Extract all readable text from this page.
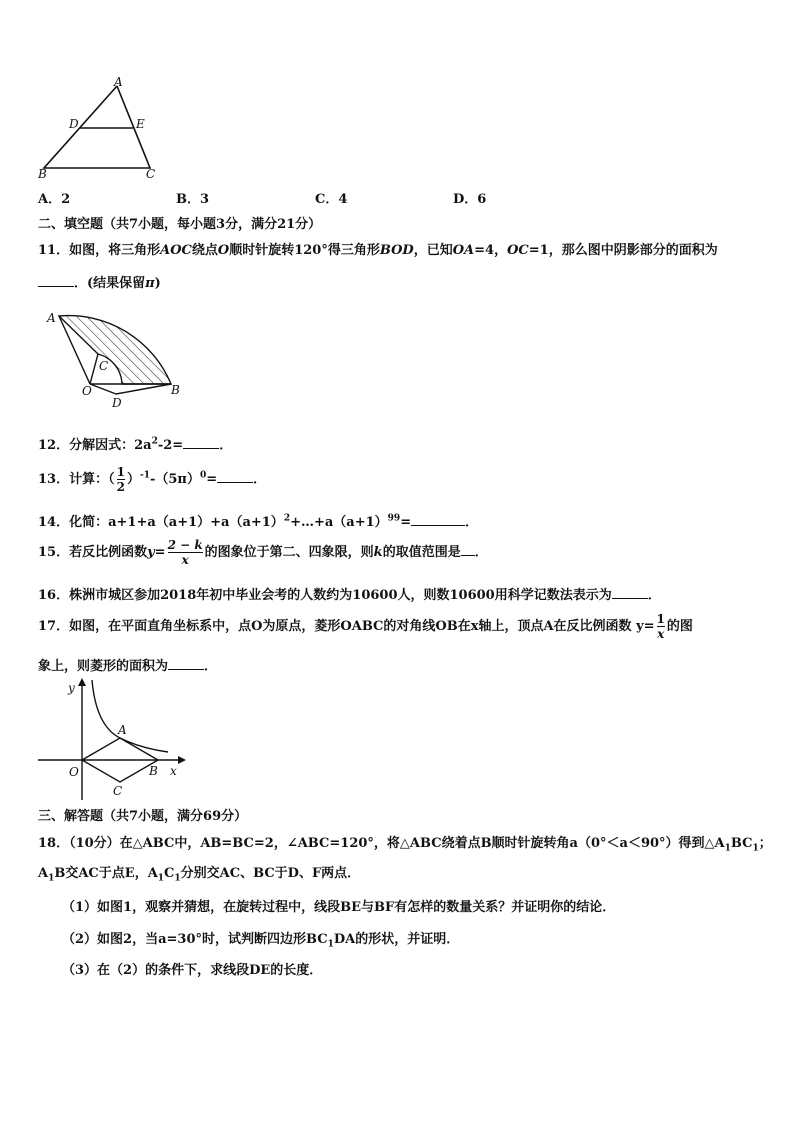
A
D	E
B	C
A．2	B．3	C．4	D．6
二、填空题（共7小题，每小题3分，满分21分）
11．如图，将三角形AOC绕点O顺时针旋转120°得三角形BOD，已知OA=4，OC=1，那么图中阴影部分的面积为
．(结果保留π)
A
C
O
D
B
12．分解因式：$2a^2-2=$	．
13．计算：（ $\frac{1}{2} )^{-1}-(5\pi)^0=$	．
14．化简：$a+1+a(a+1)+a(a+1)^2+\dots+a(a+1)^{99}=$	．
15．若反比例函数$y= \frac{2 - k}{x}$ 的图象位于第二、四象限，则k的取值范围是 ．
16．株洲市城区参加2018年初中毕业会考的人数约为10600人，则数10600用科学记数法表示为	．
17．如图，在平面直角坐标系中，点O为原点，菱形OABC的对角线OB在x轴上，顶点A在反比例函数 $y= \frac{1}{x}$ 的图
象上，则菱形的面积为	．
y
A
O	B x
C
三、解答题（共7小题，满分69分）
18．（10分）在△ABC中，AB=BC=2，∠ABC=120°，将△ABC绕着点B顺时针旋转角a（0°＜a＜90°）得到$\triangle A_1BC_1$；
$A_1B$交AC于点E，$A_1C_1$分别交AC、BC于D、F两点．
（1）如图1，观察并猜想，在旋转过程中，线段BE与BF有怎样的数量关系？并证明你的结论．
（2）如图2，当a=30°时，试判断四边形$BC_1DA$的形状，并证明．
（3）在（2）的条件下，求线段DE的长度．
